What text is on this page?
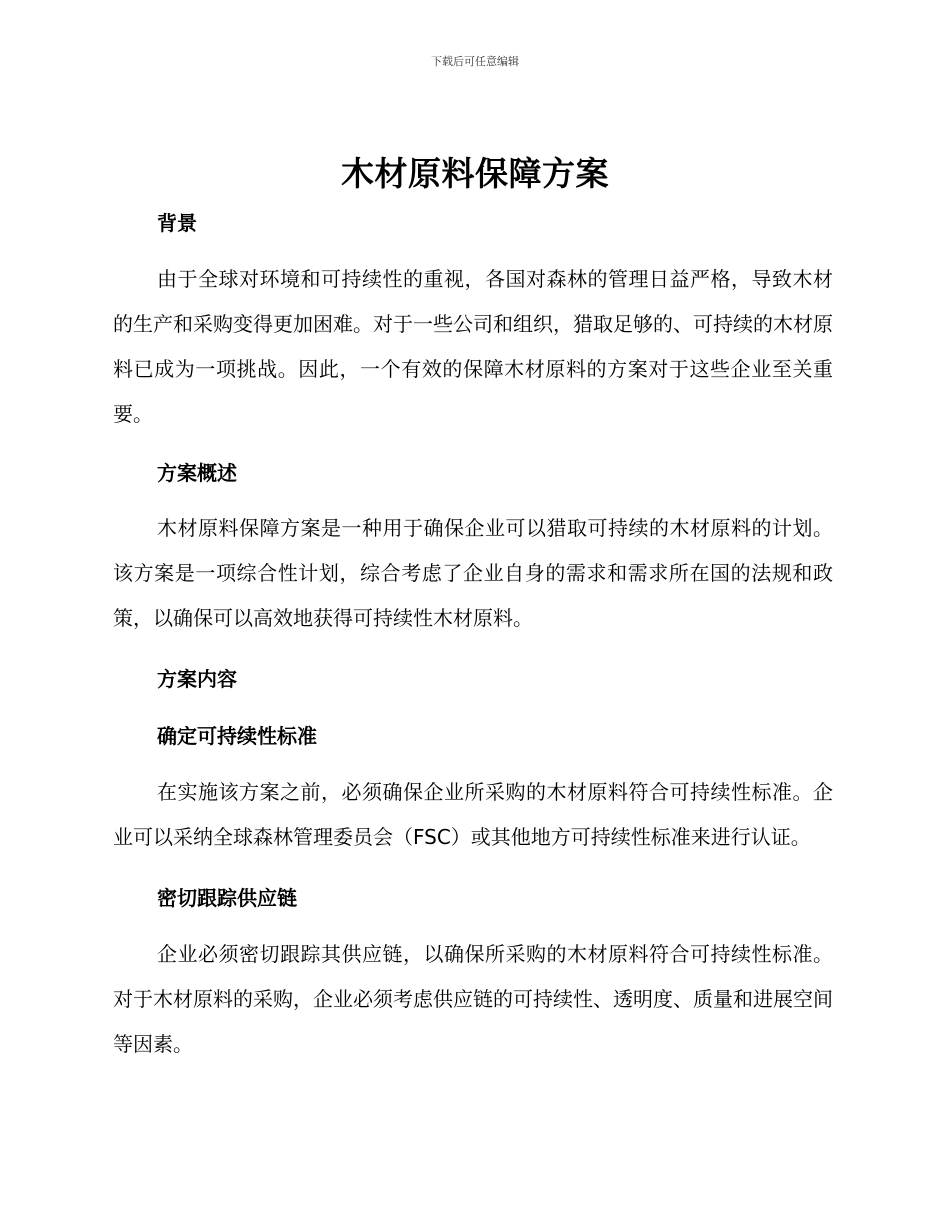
下载后可任意编辑
木材原料保障方案
背景

由于全球对环境和可持续性的重视，各国对森林的管理日益严格，导致木材的生产和采购变得更加困难。对于一些公司和组织，猎取足够的、可持续的木材原料已成为一项挑战。因此，一个有效的保障木材原料的方案对于这些企业至关重要。

方案概述

木材原料保障方案是一种用于确保企业可以猎取可持续的木材原料的计划。该方案是一项综合性计划，综合考虑了企业自身的需求和需求所在国的法规和政策，以确保可以高效地获得可持续性木材原料。

方案内容
确定可持续性标准

在实施该方案之前，必须确保企业所采购的木材原料符合可持续性标准。企业可以采纳全球森林管理委员会（FSC）或其他地方可持续性标准来进行认证。

密切跟踪供应链

企业必须密切跟踪其供应链，以确保所采购的木材原料符合可持续性标准。对于木材原料的采购，企业必须考虑供应链的可持续性、透明度、质量和进展空间等因素。
